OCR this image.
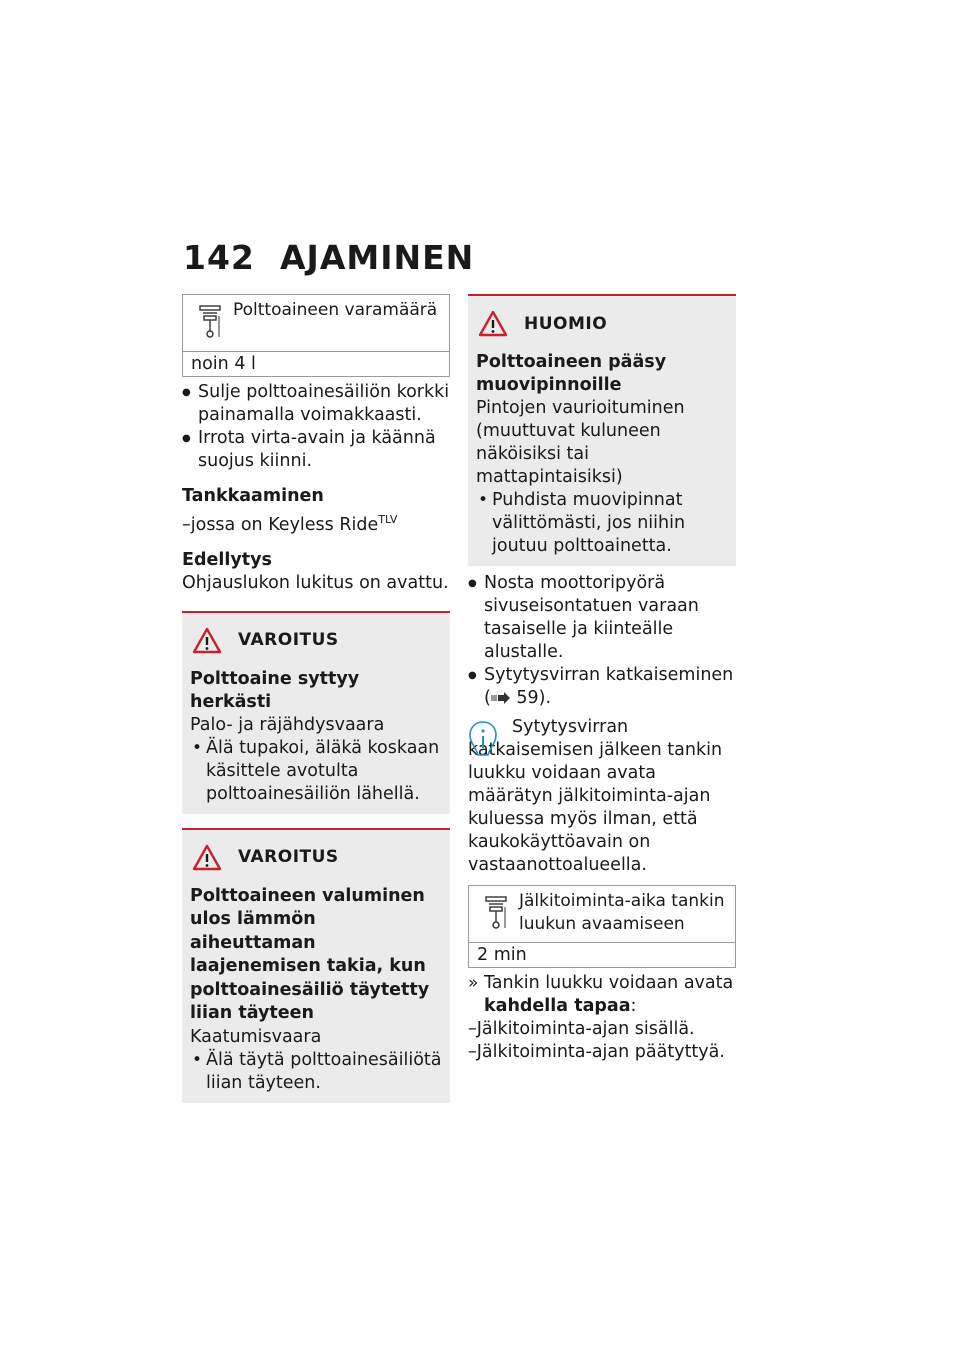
142 AJAMINEN
Polttoaineen varamäärä
noin 4 l
● Sulje polttoainesäiliön korkki painamalla voimakkaasti.
● Irrota virta-avain ja käännä suojus kiinni.

Tankkaaminen

–jossa on Keyless Ride$^{TLV}$

Edellytys

Ohjauslukon lukitus on avattu.

VAROITUS

Polttoaine syttyy herkästi

Palo- ja räjähdysvaara

• Älä tupakoi, äläkä koskaan käsittele avotulta polttoainesäiliön lähellä.
VAROITUS

Polttoaineen valuminen ulos lämmön aiheuttaman laajenemisen takia, kun polttoainesäiliö täytetty liian täyteen

Kaatumisvaara

• Älä täytä polttoainesäiliötä liian täyteen.
HUOMIO

Polttoaineen pääsy muovipinnoille

Pintojen vaurioituminen (muuttuvat kuluneen näköisiksi tai mattapintaisiksi)

• Puhdista muovipinnat välittömästi, jos niihin joutuu polttoainetta.
● Nosta moottoripyörä sivuseisontatuen varaan tasaiselle ja kiinteälle alustalle.
● Sytytysvirran katkaiseminen
( 59).

Sytytysvirran katkaisemisen jälkeen tankin luukku voidaan avata määrätyn jälkitoiminta-ajan kuluessa myös ilman, että kaukokäyttöavain on vastaanottoalueella.

Jälkitoiminta-aika tankin luukun avaamiseen
2 min
» Tankin luukku voidaan avata kahdella tapaa:
–Jälkitoiminta-ajan sisällä.
–Jälkitoiminta-ajan päätyttyä.
